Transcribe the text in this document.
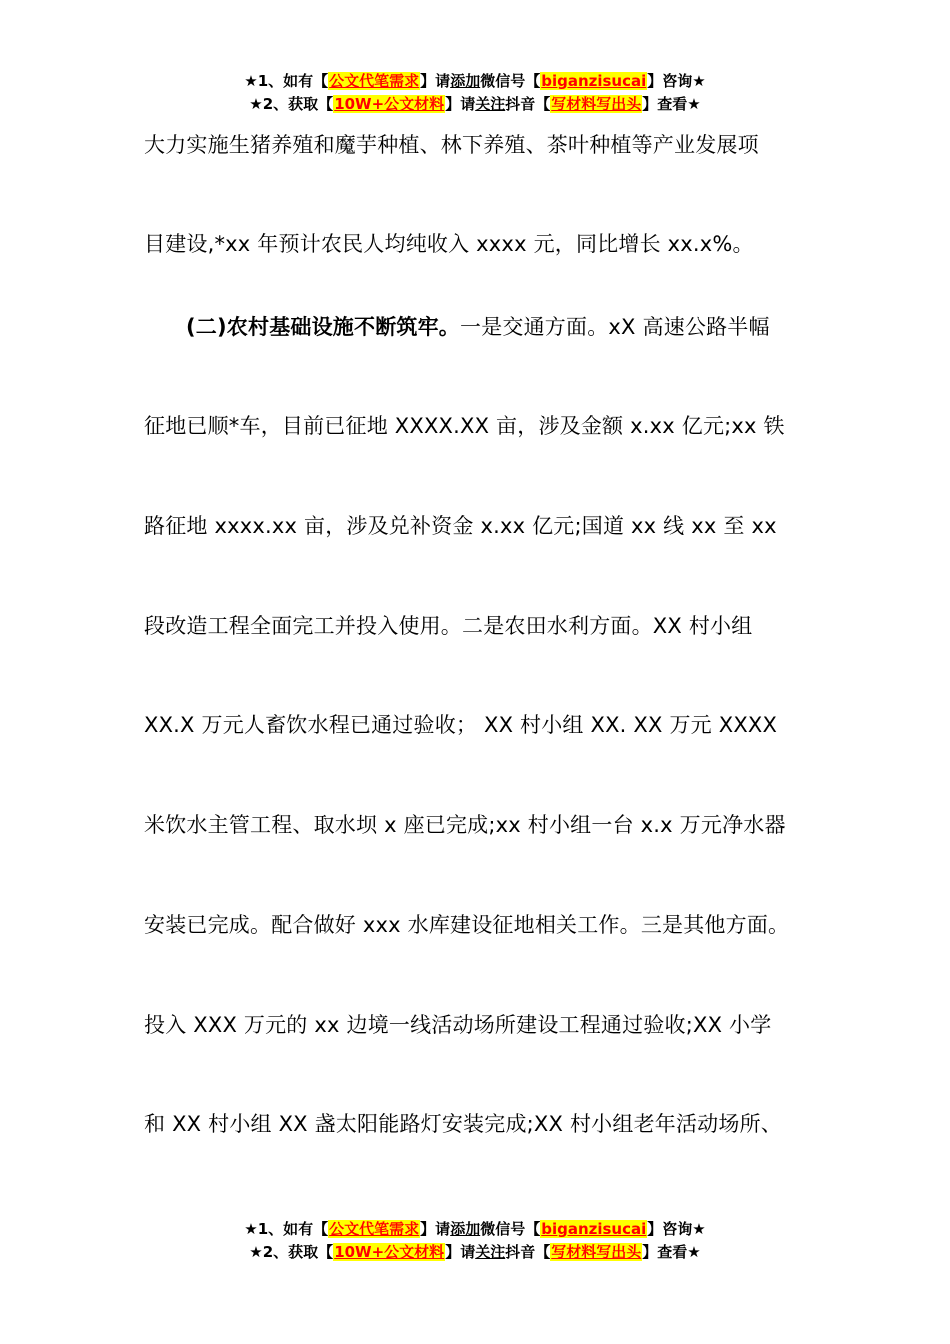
★1、如有【公文代笔需求】请添加微信号【biganzisucai】咨询★
★2、获取【10W+公文材料】请关注抖音【写材料写出头】查看★
大力实施生猪养殖和魔芋种植、林下养殖、茶叶种植等产业发展项
目建设,*xx 年预计农民人均纯收入 xxxx 元，同比增长 xx.x%。
(二)农村基础设施不断筑牢。一是交通方面。xX 高速公路半幅
征地已顺*车，目前已征地 XXXX.XX 亩，涉及金额 x.xx 亿元;xx 铁
路征地 xxxx.xx 亩，涉及兑补资金 x.xx 亿元;国道 xx 线 xx 至 xx
段改造工程全面完工并投入使用。二是农田水利方面。XX 村小组
XX.X 万元人畜饮水程已通过验收； XX 村小组 XX. XX 万元 XXXX
米饮水主管工程、取水坝 x 座已完成;xx 村小组一台 x.x 万元净水器
安装已完成。配合做好 xxx 水库建设征地相关工作。三是其他方面。
投入 XXX 万元的 xx 边境一线活动场所建设工程通过验收;XX 小学
和 XX 村小组 XX 盏太阳能路灯安装完成;XX 村小组老年活动场所、
★1、如有【公文代笔需求】请添加微信号【biganzisucai】咨询★
★2、获取【10W+公文材料】请关注抖音【写材料写出头】查看★
